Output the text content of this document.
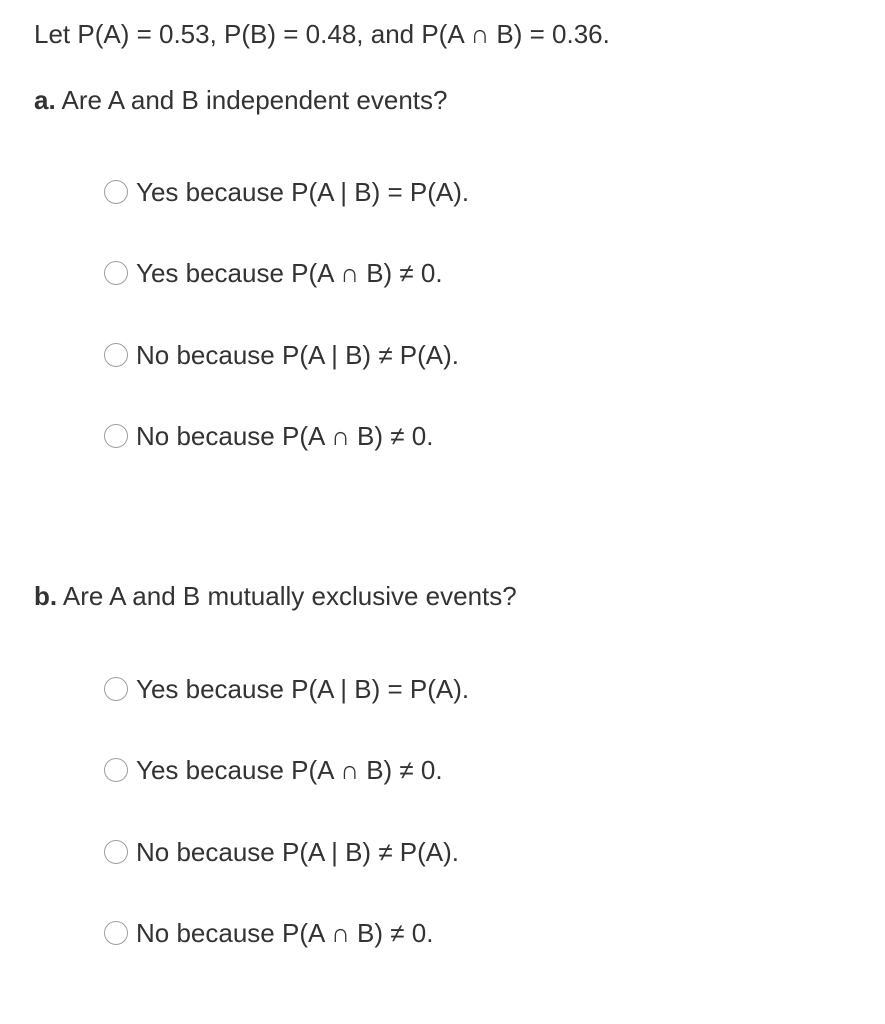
Let P(A) = 0.53, P(B) = 0.48, and P(A ∩ B) = 0.36.
a. Are A and B independent events?
Yes because P(A | B) = P(A).
Yes because P(A ∩ B) ≠ 0.
No because P(A | B) ≠ P(A).
No because P(A ∩ B) ≠ 0.
b. Are A and B mutually exclusive events?
Yes because P(A | B) = P(A).
Yes because P(A ∩ B) ≠ 0.
No because P(A | B) ≠ P(A).
No because P(A ∩ B) ≠ 0.
